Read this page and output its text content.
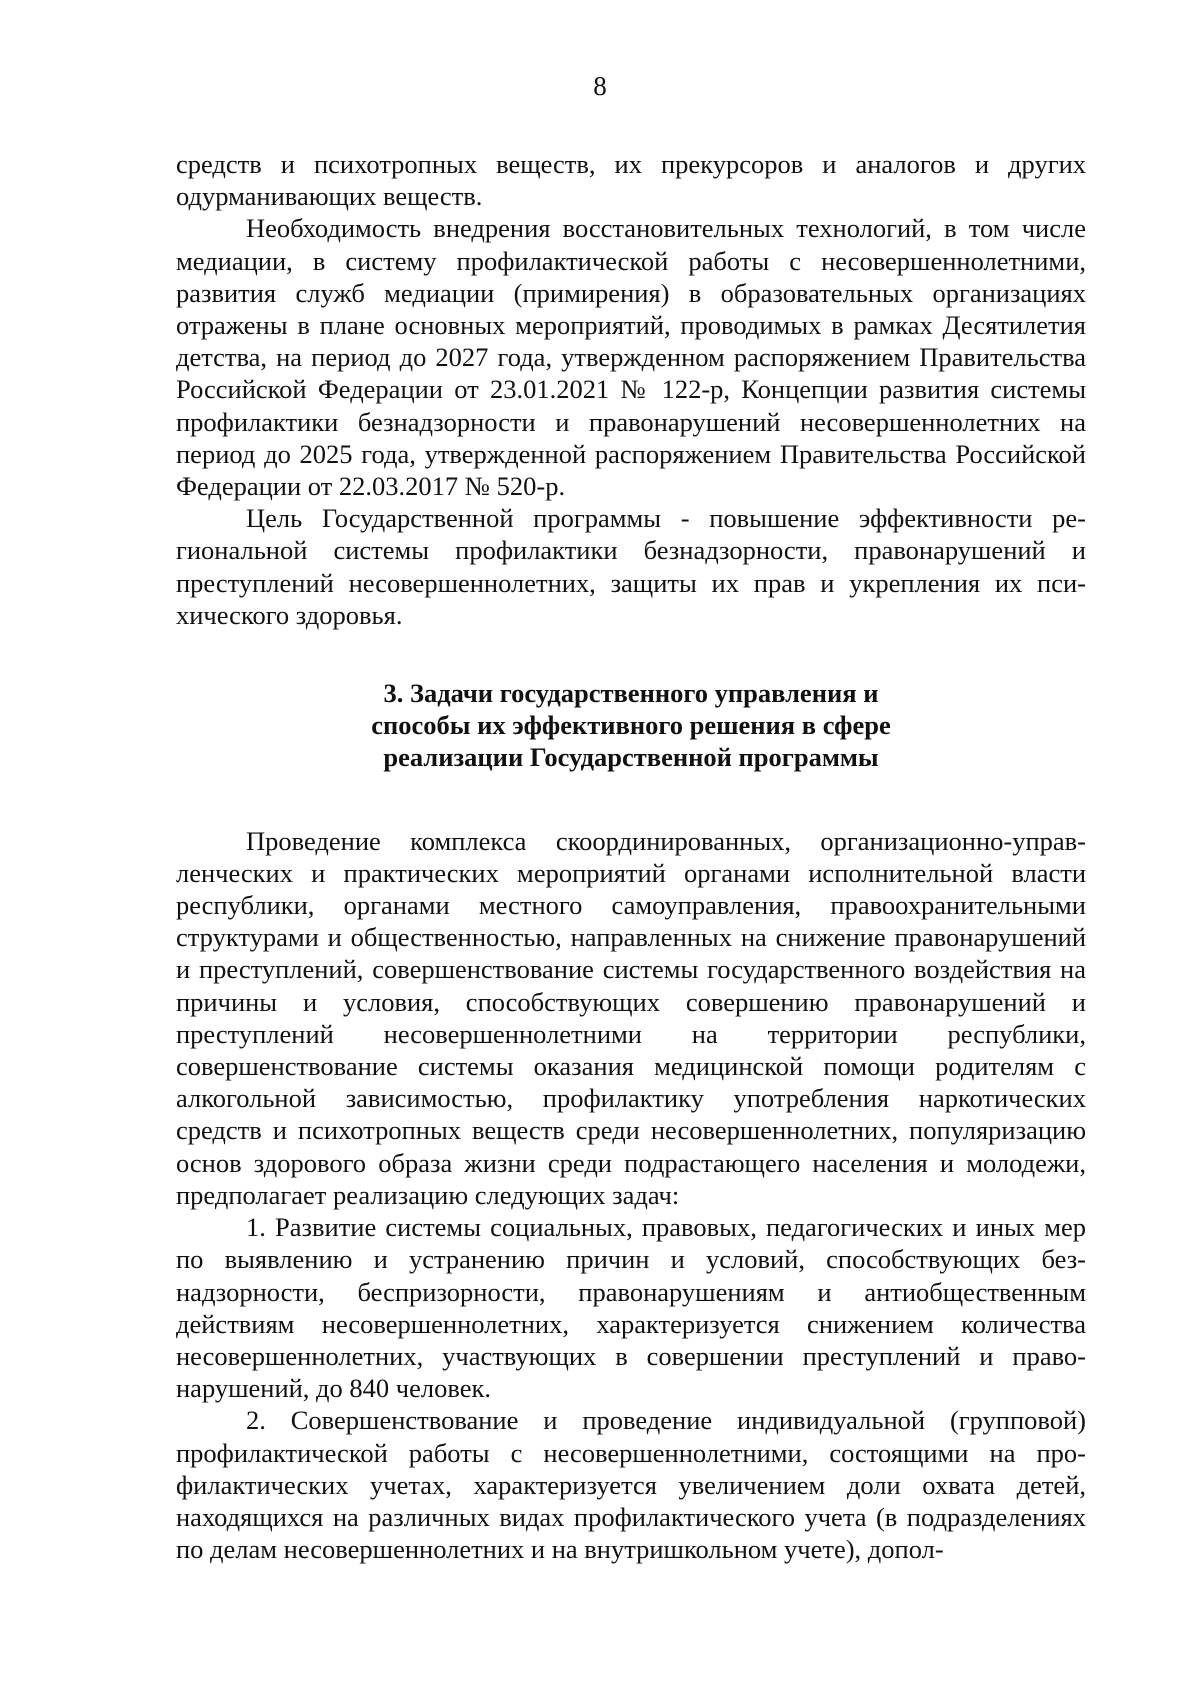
8

средств и психотропных веществ, их прекурсоров и аналогов и других одурманивающих веществ.

Необходимость внедрения восстановительных технологий, в том числе медиации, в систему профилактической работы с несовершеннолетними, развития служб медиации (примирения) в образовательных организациях отражены в плане основных мероприятий, проводимых в рамках Десятилетия детства, на период до 2027 года, утвержденном распоряжением Правительства Российской Федерации от 23.01.2021 № 122-р, Концепции развития системы профилактики безнадзорности и правонарушений несовершеннолетних на период до 2025 года, утвержденной распоряжением Правительства Российской Федерации от 22.03.2017 № 520-р.

Цель Государственной программы - повышение эффективности региональной системы профилактики безнадзорности, правонарушений и преступлений несовершеннолетних, защиты их прав и укрепления их психического здоровья.

3. Задачи государственного управления и
способы их эффективного решения в сфере
реализации Государственной программы

Проведение комплекса скоординированных, организационно-управленческих и практических мероприятий органами исполнительной власти республики, органами местного самоуправления, правоохранительными структурами и общественностью, направленных на снижение правонарушений и преступлений, совершенствование системы государственного воздействия на причины и условия, способствующих совершению правонарушений и преступлений несовершеннолетними на территории республики, совершенствование системы оказания медицинской помощи родителям с алкогольной зависимостью, профилактику употребления наркотических средств и психотропных веществ среди несовершеннолетних, популяризацию основ здорового образа жизни среди подрастающего населения и молодежи, предполагает реализацию следующих задач:

1. Развитие системы социальных, правовых, педагогических и иных мер по выявлению и устранению причин и условий, способствующих безнадзорности, беспризорности, правонарушениям и антиобщественным действиям несовершеннолетних, характеризуется снижением количества несовершеннолетних, участвующих в совершении преступлений и правонарушений, до 840 человек.

2. Совершенствование и проведение индивидуальной (групповой) профилактической работы с несовершеннолетними, состоящими на профилактических учетах, характеризуется увеличением доли охвата детей, находящихся на различных видах профилактического учета (в подразделениях по делам несовершеннолетних и на внутришкольном учете), допол-
